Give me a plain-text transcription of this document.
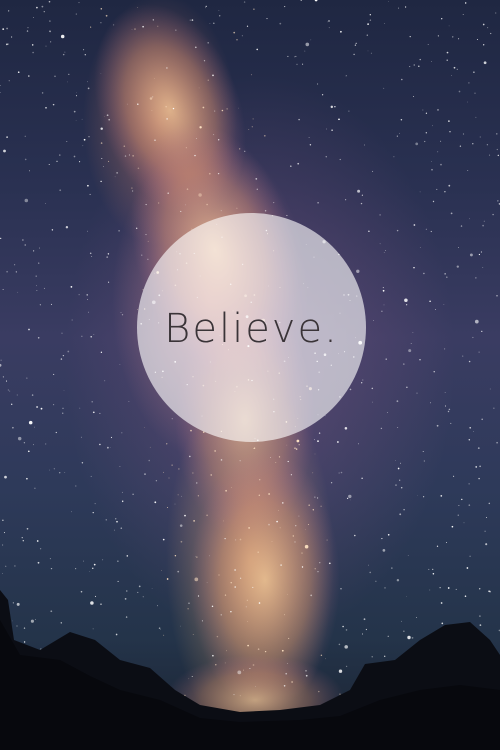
Believe.
